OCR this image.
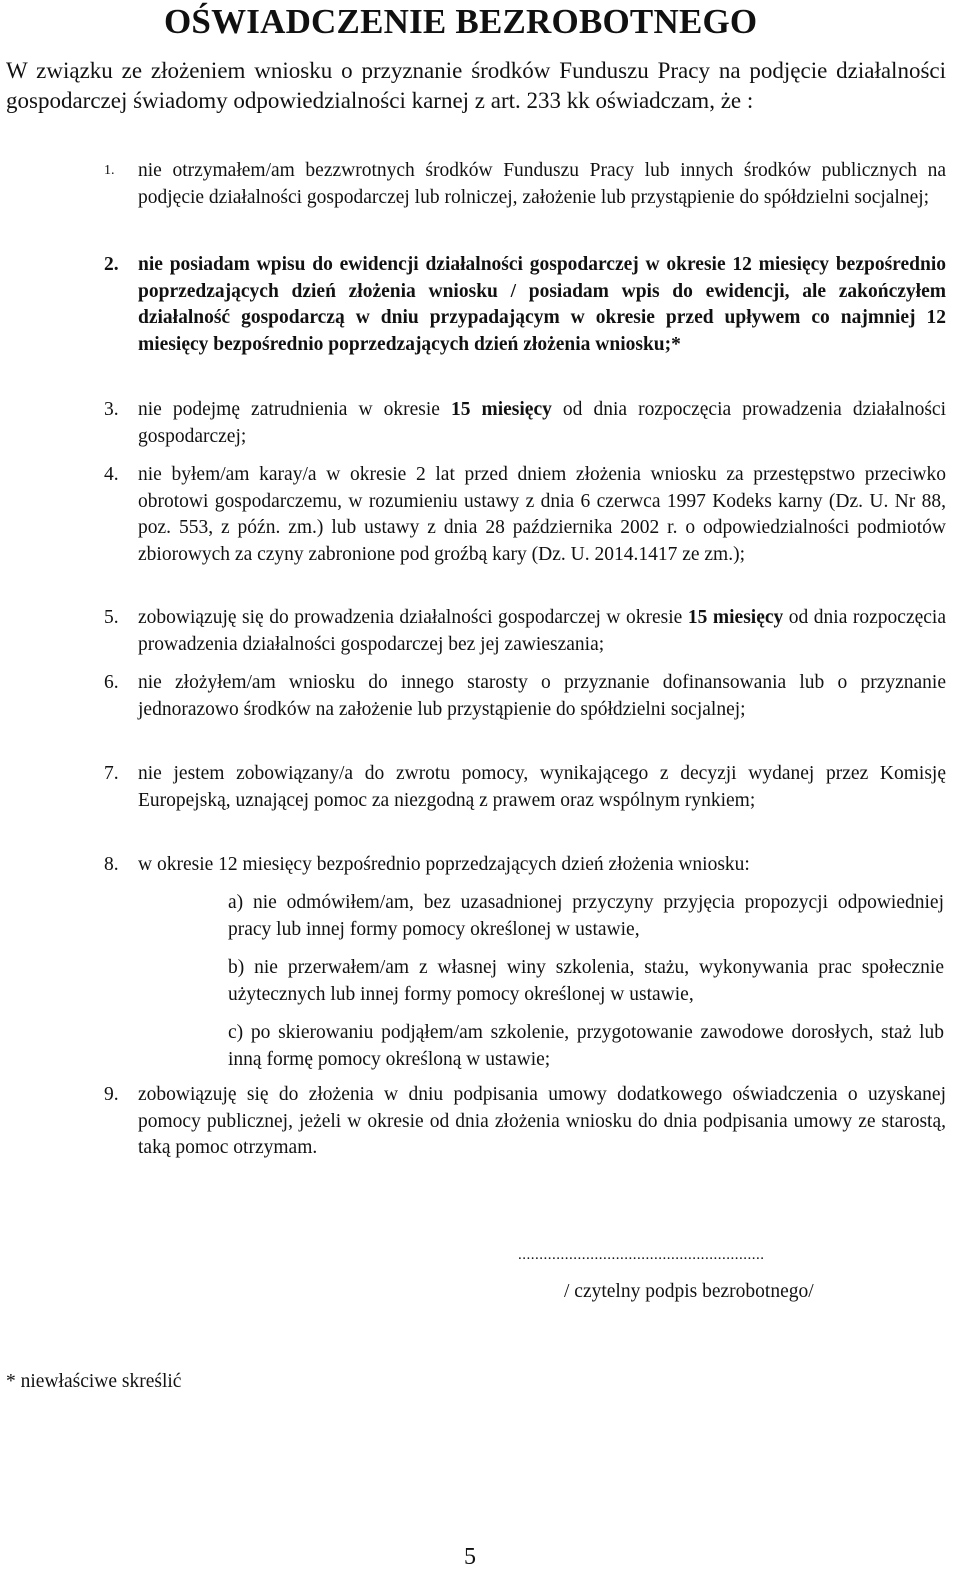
OŚWIADCZENIE BEZROBOTNEGO

W związku ze złożeniem wniosku o przyznanie środków Funduszu Pracy na podjęcie działalności gospodarczej świadomy odpowiedzialności karnej z art. 233 kk oświadczam, że :

1.	nie otrzymałem/am bezzwrotnych środków Funduszu Pracy lub innych środków publicznych na podjęcie działalności gospodarczej lub rolniczej, założenie lub przystąpienie do spółdzielni socjalnej;
2. nie posiadam wpisu do ewidencji działalności gospodarczej w okresie 12 miesięcy bezpośrednio poprzedzających dzień złożenia wniosku / posiadam wpis do ewidencji, ale zakończyłem działalność gospodarczą w dniu przypadającym w okresie przed upływem co najmniej 12 miesięcy bezpośrednio poprzedzających dzień złożenia wniosku;*
3. nie podejmę zatrudnienia w okresie 15 miesięcy od dnia rozpoczęcia prowadzenia działalności gospodarczej;
4. nie byłem/am karay/a w okresie 2 lat przed dniem złożenia wniosku za przestępstwo przeciwko obrotowi gospodarczemu, w rozumieniu ustawy z dnia 6 czerwca 1997 Kodeks karny (Dz. U. Nr 88, poz. 553, z późn. zm.) lub ustawy z dnia 28 października 2002 r. o odpowiedzialności podmiotów zbiorowych za czyny zabronione pod groźbą kary (Dz. U. 2014.1417 ze zm.);
5. zobowiązuję się do prowadzenia działalności gospodarczej w okresie 15 miesięcy od dnia rozpoczęcia prowadzenia działalności gospodarczej bez jej zawieszania;
6. nie złożyłem/am wniosku do innego starosty o przyznanie dofinansowania lub o przyznanie jednorazowo środków na założenie lub przystąpienie do spółdzielni socjalnej;
7. nie jestem zobowiązany/a do zwrotu pomocy, wynikającego z decyzji wydanej przez Komisję Europejską, uznającej pomoc za niezgodną z prawem oraz wspólnym rynkiem;
8. w okresie 12 miesięcy bezpośrednio poprzedzających dzień złożenia wniosku:
a) nie odmówiłem/am, bez uzasadnionej przyczyny przyjęcia propozycji odpowiedniej pracy lub innej formy pomocy określonej w ustawie,
b) nie przerwałem/am z własnej winy szkolenia, stażu, wykonywania prac społecznie użytecznych lub innej formy pomocy określonej w ustawie,
c) po skierowaniu podjąłem/am szkolenie, przygotowanie zawodowe dorosłych, staż lub inną formę pomocy określoną w ustawie;
9. zobowiązuję się do złożenia w dniu podpisania umowy dodatkowego oświadczenia o uzyskanej pomocy publicznej, jeżeli w okresie od dnia złożenia wniosku do dnia podpisania umowy ze starostą, taką pomoc otrzymam.
..........................................................
/ czytelny podpis bezrobotnego/
* niewłaściwe skreślić
5
